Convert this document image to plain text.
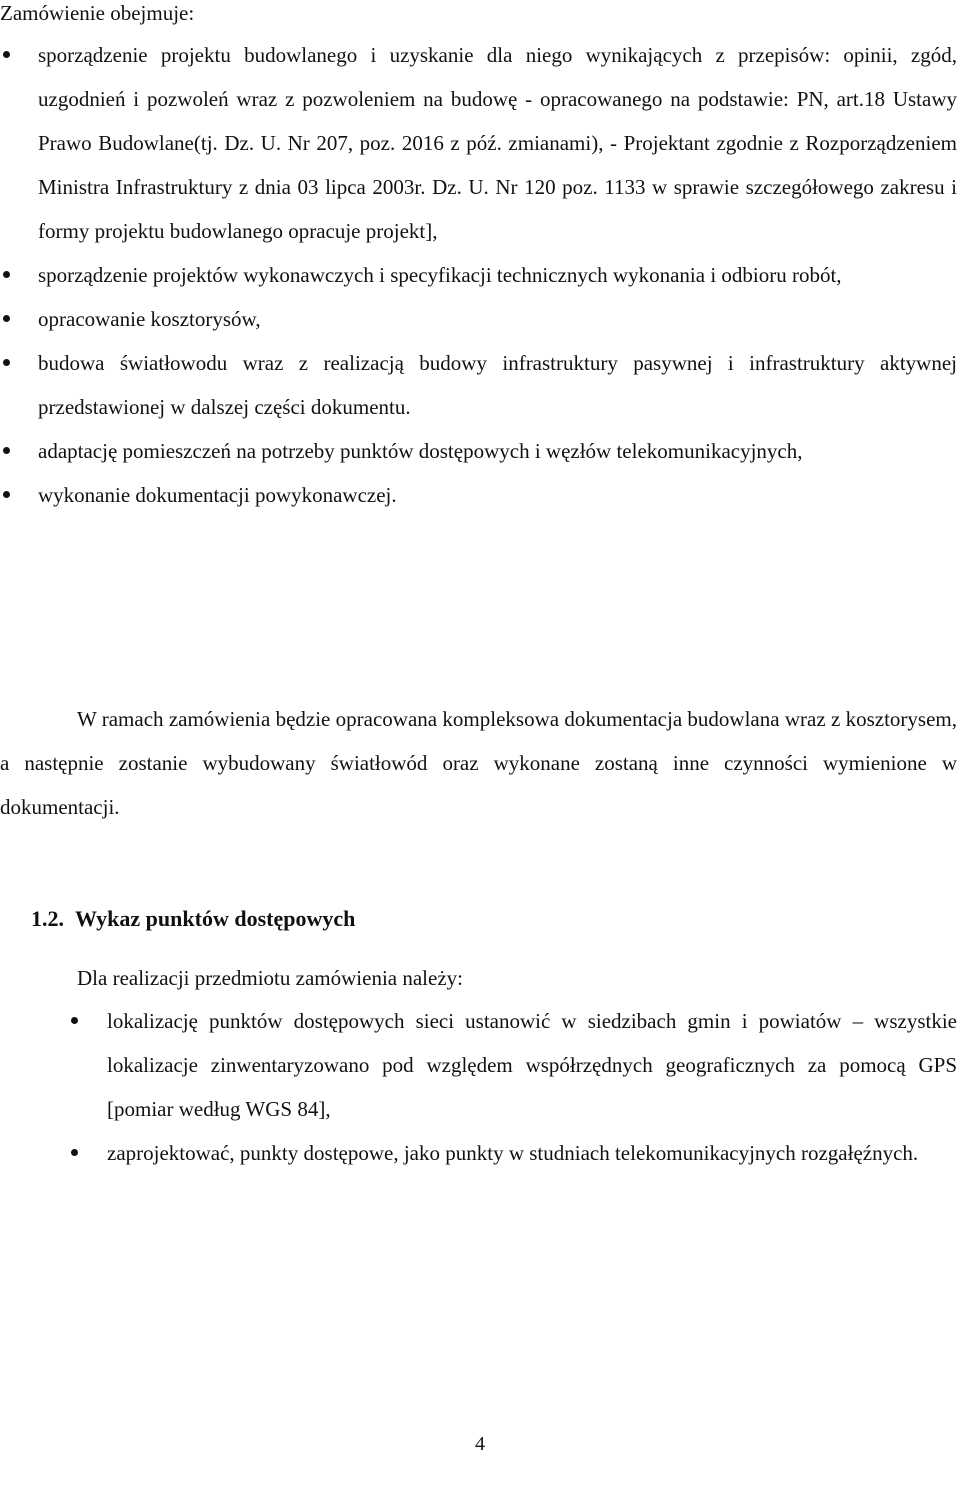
Zamówienie obejmuje:

sporządzenie projektu budowlanego i uzyskanie dla niego wynikających z przepisów: opinii, zgód, uzgodnień i pozwoleń wraz z pozwoleniem na budowę - opracowanego na podstawie: PN, art.18 Ustawy Prawo Budowlane(tj. Dz. U. Nr 207, poz. 2016 z póź. zmianami), - Projektant zgodnie z Rozporządzeniem Ministra Infrastruktury z dnia 03 lipca 2003r. Dz. U. Nr 120 poz. 1133 w sprawie szczegółowego zakresu i formy projektu budowlanego opracuje projekt],
sporządzenie projektów wykonawczych i specyfikacji technicznych wykonania i odbioru robót,
opracowanie kosztorysów,
budowa światłowodu wraz z realizacją budowy infrastruktury pasywnej i infrastruktury aktywnej przedstawionej w dalszej części dokumentu.
adaptację pomieszczeń na potrzeby punktów dostępowych i węzłów telekomunikacyjnych,
wykonanie dokumentacji powykonawczej.

W ramach zamówienia będzie opracowana kompleksowa dokumentacja budowlana wraz z kosztorysem, a następnie zostanie wybudowany światłowód oraz wykonane zostaną inne czynności wymienione w dokumentacji.

1.2. Wykaz punktów dostępowych

Dla realizacji przedmiotu zamówienia należy:

lokalizację punktów dostępowych sieci ustanowić w siedzibach gmin i powiatów – wszystkie lokalizacje zinwentaryzowano pod względem współrzędnych geograficznych za pomocą GPS [pomiar według WGS 84],
zaprojektować, punkty dostępowe, jako punkty w studniach telekomunikacyjnych rozgałęźnych.

4
